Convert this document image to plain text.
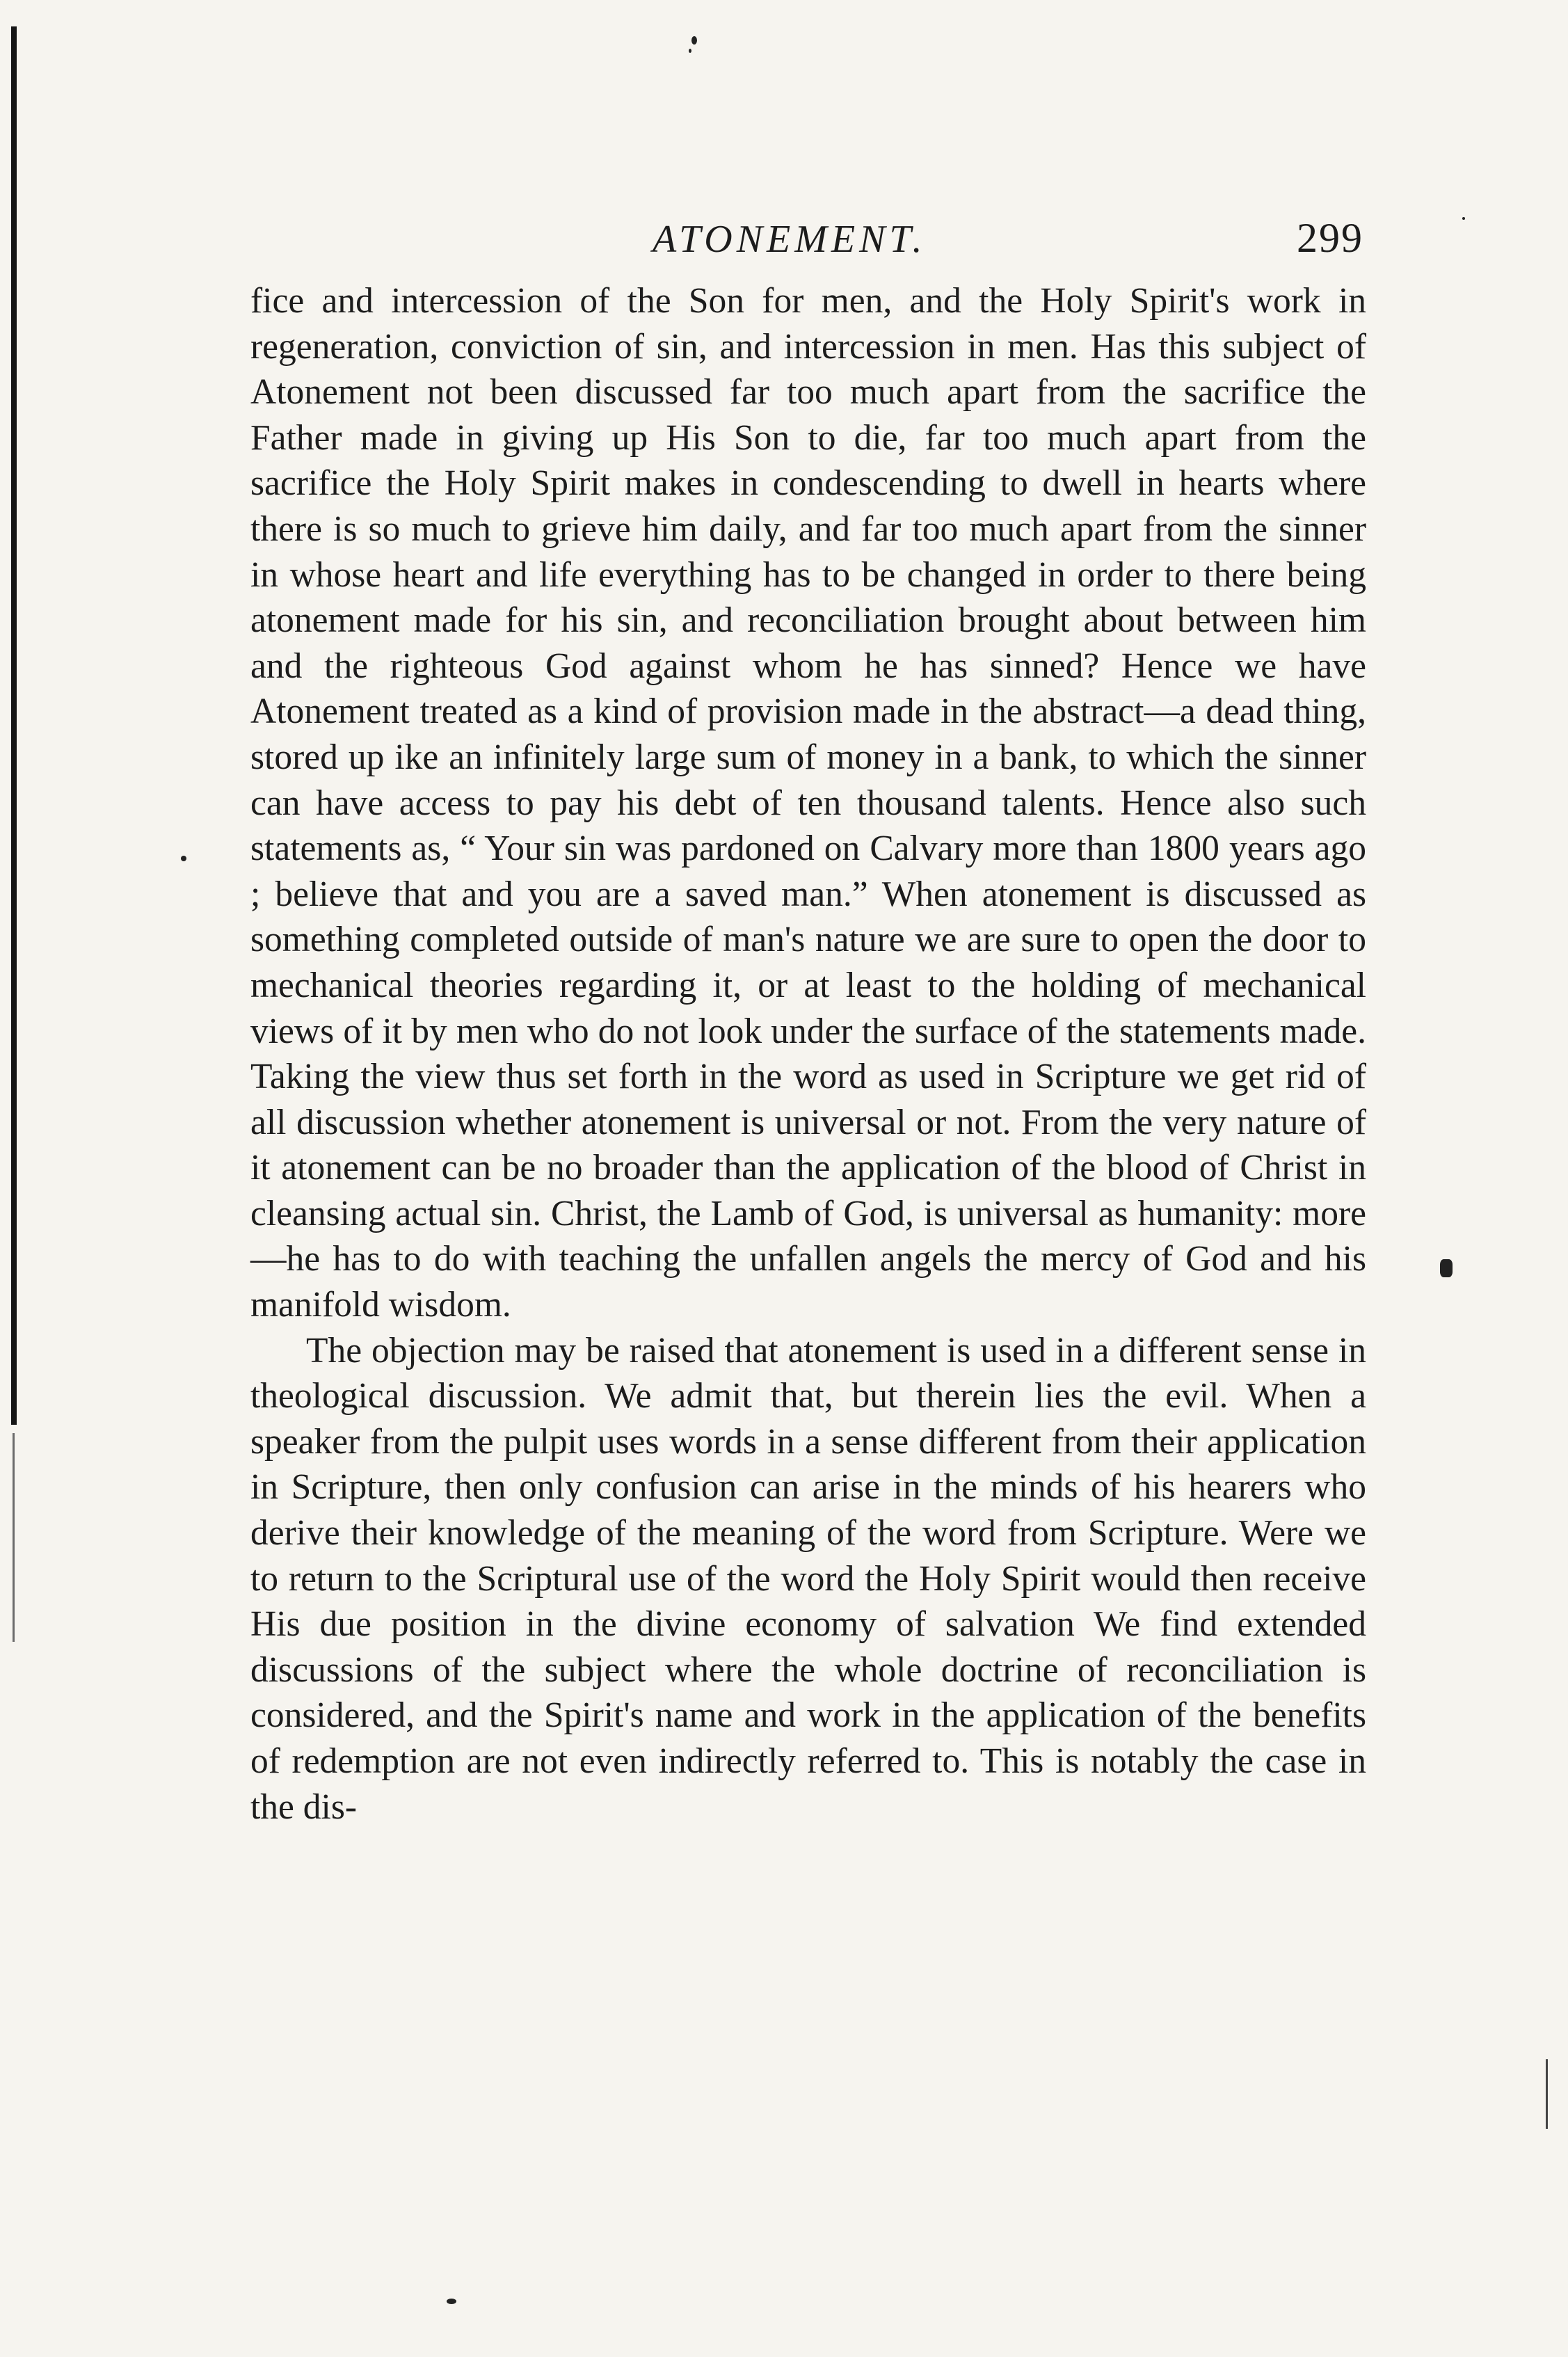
ATONEMENT.	299

fice and intercession of the Son for men, and the Holy Spirit's work in regeneration, conviction of sin, and intercession in men. Has this subject of Atonement not been discussed far too much apart from the sacrifice the Father made in giving up His Son to die, far too much apart from the sacrifice the Holy Spirit makes in condescending to dwell in hearts where there is so much to grieve him daily, and far too much apart from the sinner in whose heart and life everything has to be changed in order to there being atonement made for his sin, and reconciliation brought about between him and the righteous God against whom he has sinned? Hence we have Atonement treated as a kind of provision made in the abstract—a dead thing, stored up ike an infinitely large sum of money in a bank, to which the sinner can have access to pay his debt of ten thousand talents. Hence also such statements as, “ Your sin was pardoned on Calvary more than 1800 years ago ; believe that and you are a saved man.” When atonement is discussed as something completed outside of man's nature we are sure to open the door to mechanical theories regarding it, or at least to the holding of mechanical views of it by men who do not look under the surface of the statements made. Taking the view thus set forth in the word as used in Scripture we get rid of all discussion whether atonement is universal or not. From the very nature of it atonement can be no broader than the application of the blood of Christ in cleansing actual sin. Christ, the Lamb of God, is universal as humanity: more—he has to do with teaching the unfallen angels the mercy of God and his manifold wisdom.

The objection may be raised that atonement is used in a different sense in theological discussion. We admit that, but therein lies the evil. When a speaker from the pulpit uses words in a sense different from their application in Scripture, then only confusion can arise in the minds of his hearers who derive their knowledge of the meaning of the word from Scripture. Were we to return to the Scriptural use of the word the Holy Spirit would then receive His due position in the divine economy of salvation We find extended discussions of the subject where the whole doctrine of reconciliation is considered, and the Spirit's name and work in the application of the benefits of redemption are not even indirectly referred to. This is notably the case in the dis-
